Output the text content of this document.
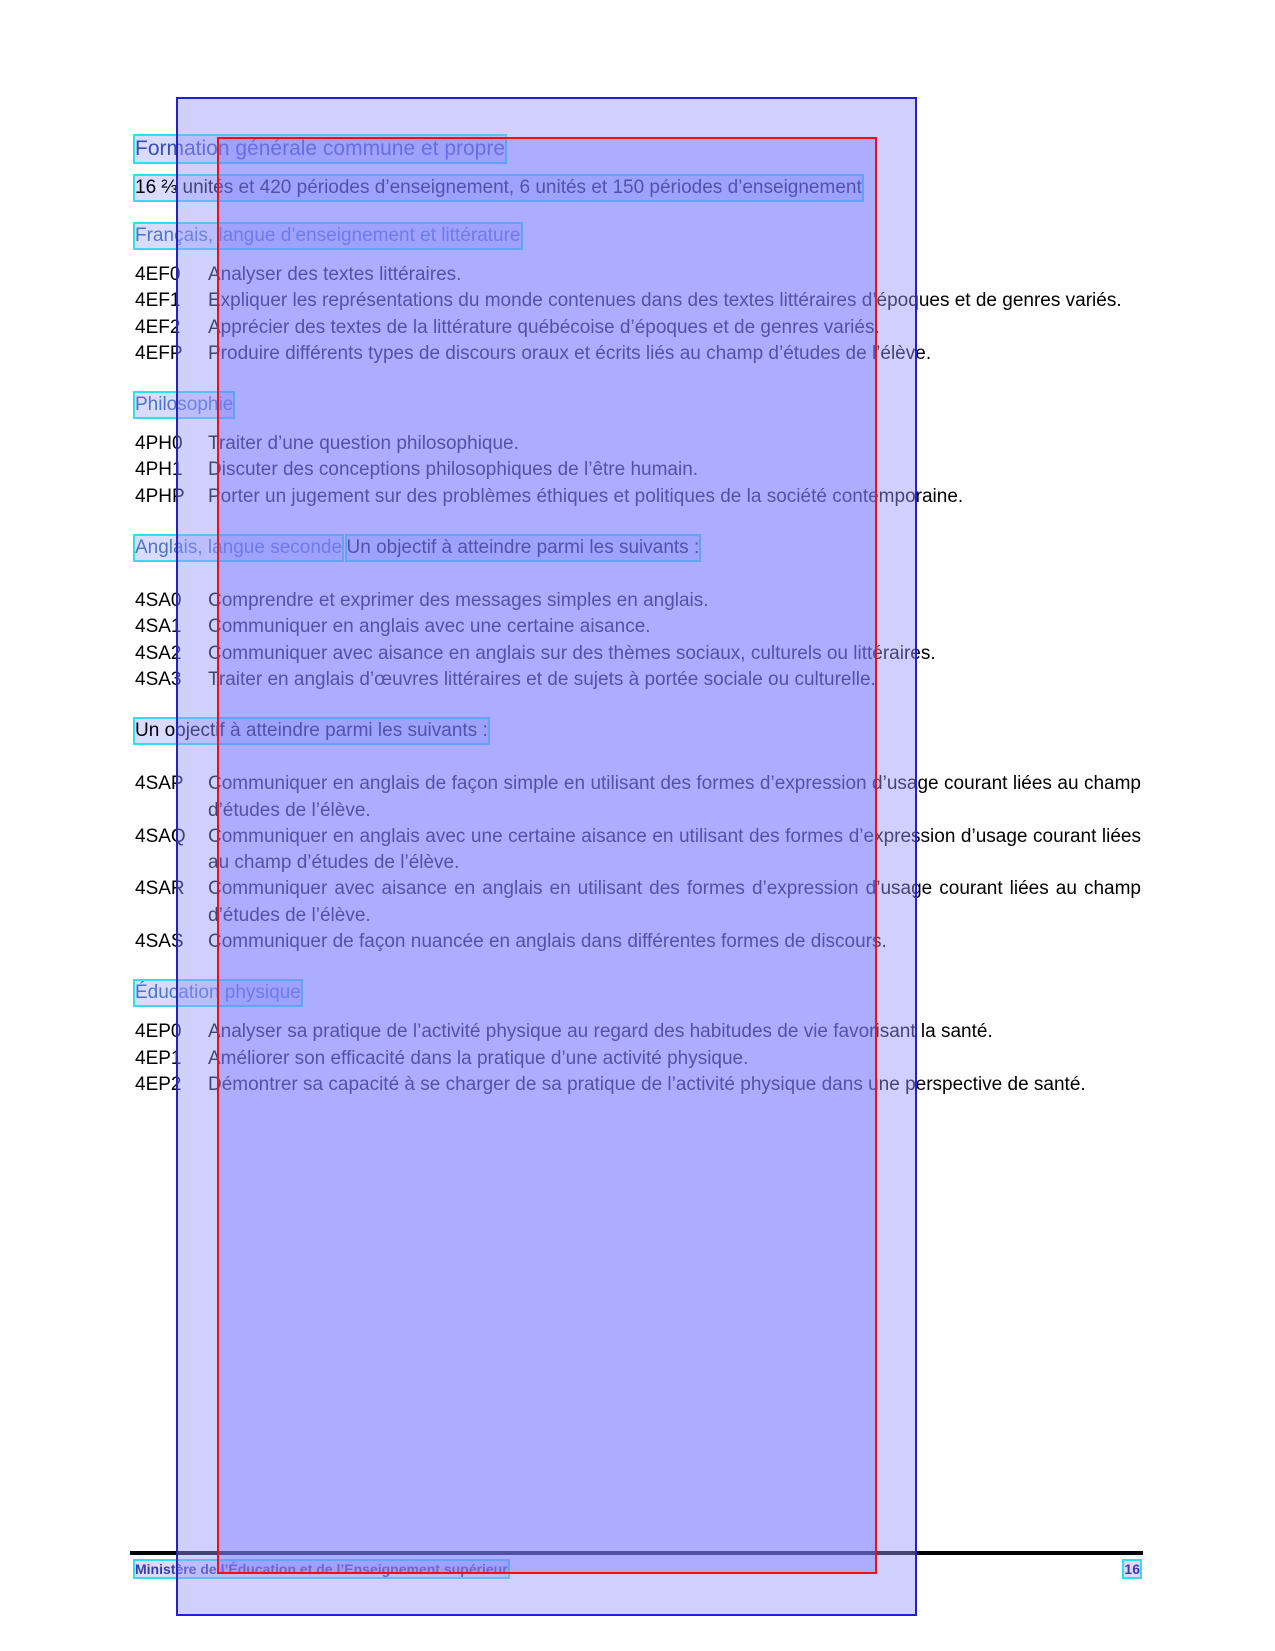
Formation générale commune et propre 16 ⅔ unités et 420 périodes d’enseignement, 6 unités et 150 périodes d’enseignement Français, langue d’enseignement et littérature
4EF0	Analyser des textes littéraires.
4EF1	Expliquer les représentations du monde contenues dans des textes littéraires d’époques et de genres variés.
4EF2	Apprécier des textes de la littérature québécoise d’époques et de genres variés.
4EFP	Produire différents types de discours oraux et écrits liés au champ d’études de l’élève.
Philosophie
4PH0	Traiter d’une question philosophique.
4PH1	Discuter des conceptions philosophiques de l’être humain.
4PHP	Porter un jugement sur des problèmes éthiques et politiques de la société contemporaine.
Anglais, langue seconde Un objectif à atteindre parmi les suivants :
4SA0	Comprendre et exprimer des messages simples en anglais.
4SA1	Communiquer en anglais avec une certaine aisance.
4SA2	Communiquer avec aisance en anglais sur des thèmes sociaux, culturels ou littéraires.
4SA3	Traiter en anglais d’œuvres littéraires et de sujets à portée sociale ou culturelle.
Un objectif à atteindre parmi les suivants :
4SAP	Communiquer en anglais de façon simple en utilisant des formes d’expression d’usage courant liées au champ d’études de l’élève.
4SAQ	Communiquer en anglais avec une certaine aisance en utilisant des formes d’expression d’usage courant liées au champ d’études de l’élève.
4SAR	Communiquer avec aisance en anglais en utilisant des formes d’expression d’usage courant liées au champ d’études de l’élève.
4SAS	Communiquer de façon nuancée en anglais dans différentes formes de discours.
Éducation physique
4EP0	Analyser sa pratique de l’activité physique au regard des habitudes de vie favorisant la santé.
4EP1	Améliorer son efficacité dans la pratique d’une activité physique.
4EP2	Démontrer sa capacité à se charger de sa pratique de l’activité physique dans une perspective de santé.
Ministère de l’Éducation et de l’Enseignement supérieur	16
